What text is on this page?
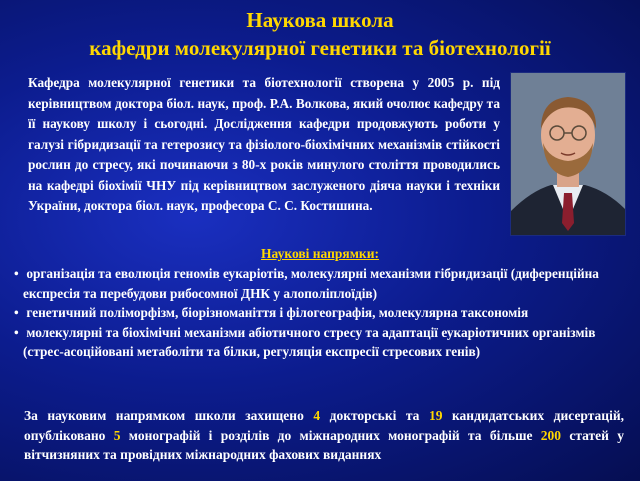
Наукова школа
кафедри молекулярної генетики та біотехнології

Кафедра молекулярної генетики та біотехнології створена у 2005 р. під керівництвом доктора біол. наук, проф. Р.А. Волкова, який очолює кафедру та її наукову школу і сьогодні. Дослідження кафедри продовжують роботи у галузі гібридизації та гетерозису та фізіолого-біохімічних механізмів стійкості рослин до стресу, які починаючи з 80-х років минулого століття проводились на кафедрі біохімії ЧНУ під керівництвом заслуженого діяча науки і техніки України, доктора біол. наук, професора С. С. Костишина.

Наукові напрямки:

• організація та еволюція геномів еукаріотів, молекулярні механізми гібридизації (диференційна експресія та перебудови рибосомної ДНК у алополіплоїдів)
• генетичний поліморфізм, біорізноманіття і філогеографія, молекулярна таксономія
• молекулярні та біохімічні механізми абіотичного стресу та адаптації еукаріотичних організмів (стрес-асоційовані метаболіти та білки, регуляція експресії стресових генів)

За науковим напрямком школи захищено 4 докторські та 19 кандидатських дисертацій, опубліковано 5 монографій і розділів до міжнародних монографій та більше 200 статей у вітчизняних та провідних міжнародних фахових виданнях
